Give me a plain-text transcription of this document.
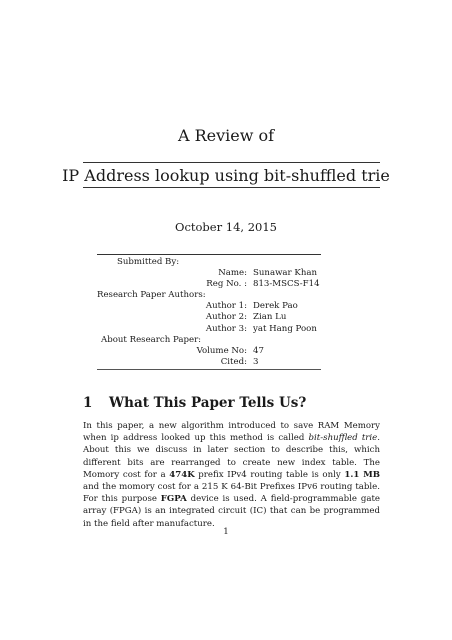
A Review of
IP Address lookup using bit-shuffled trie
October 14, 2015
Submitted By:
Name: Sunawar Khan
Reg No. : 813-MSCS-F14
Research Paper Authors:
Author 1: Derek Pao
Author 2: Zian Lu
Author 3: yat Hang Poon
About Research Paper:
Volume No: 47
Cited: 3
1 What This Paper Tells Us?
In this paper, a new algorithm introduced to save RAM Memory when ip address looked up this method is called bit-shuffled trie. About this we discuss in later section to describe this, which different bits are rearranged to create new index table. The Momory cost for a 474K prefix IPv4 routing table is only 1.1 MB and the momory cost for a 215 K 64-Bit Prefixes IPv6 routing table. For this purpose FGPA device is used. A field-programmable gate array (FPGA) is an integrated circuit (IC) that can be programmed in the field after manufacture.
1
